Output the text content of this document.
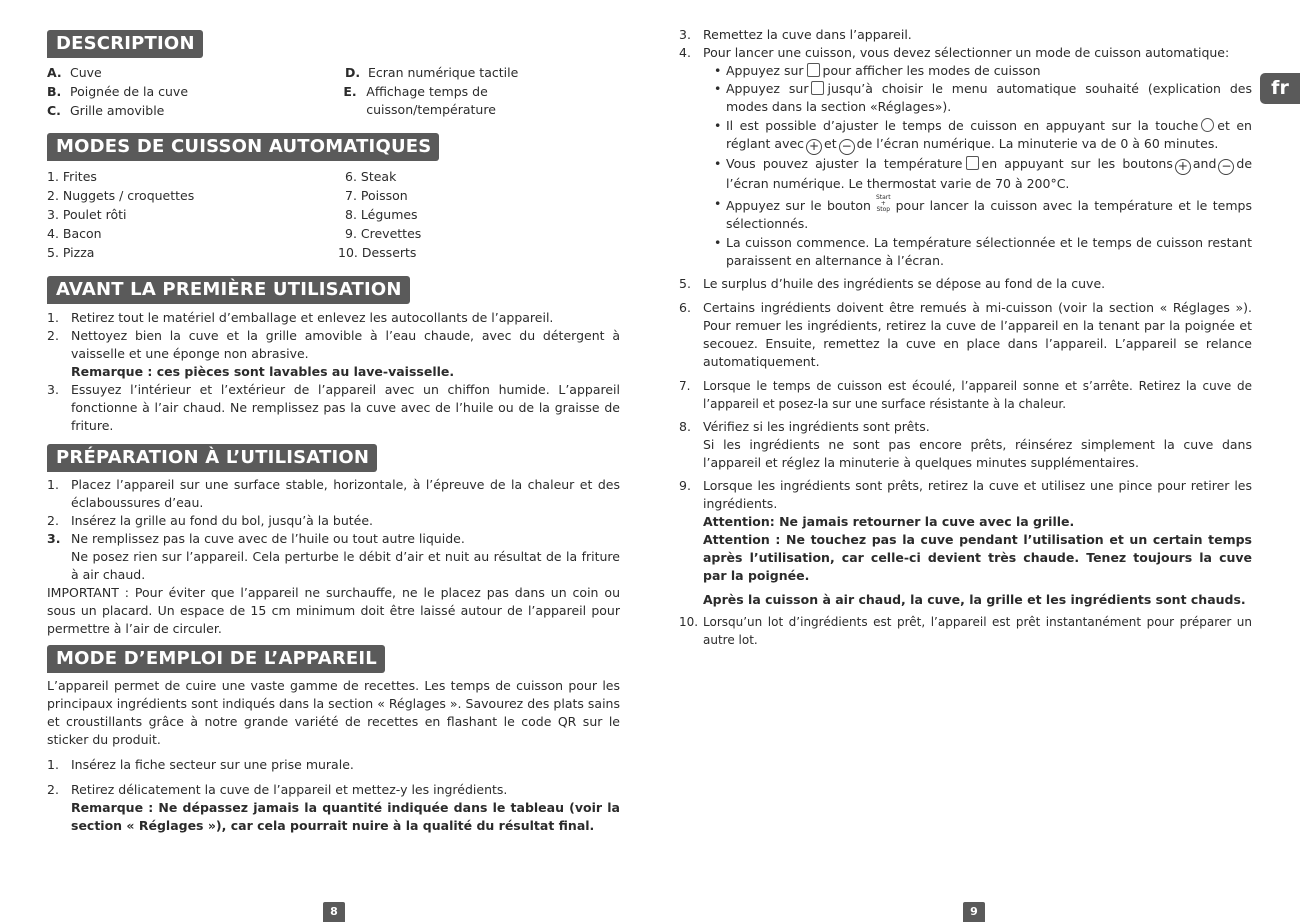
DESCRIPTION
A. Cuve	D. Ecran numérique tactile
B. Poignée de la cuve	E. Affichage temps de cuisson/température
C. Grille amovible
MODES DE CUISSON AUTOMATIQUES
1. Frites	6. Steak
2. Nuggets / croquettes	7. Poisson
3. Poulet rôti	8. Légumes
4. Bacon	9. Crevettes
5. Pizza	10. Desserts
AVANT LA PREMIÈRE UTILISATION
1. Retirez tout le matériel d’emballage et enlevez les autocollants de l’appareil.
2. Nettoyez bien la cuve et la grille amovible à l’eau chaude, avec du détergent à vaisselle et une éponge non abrasive.
Remarque : ces pièces sont lavables au lave-vaisselle.
3. Essuyez l’intérieur et l’extérieur de l’appareil avec un chiffon humide. L’appareil fonctionne à l’air chaud. Ne remplissez pas la cuve avec de l’huile ou de la graisse de friture.
PRÉPARATION À L’UTILISATION
1. Placez l’appareil sur une surface stable, horizontale, à l’épreuve de la chaleur et des éclaboussures d’eau.
2. Insérez la grille au fond du bol, jusqu’à la butée.
3. Ne remplissez pas la cuve avec de l’huile ou tout autre liquide.
Ne posez rien sur l’appareil. Cela perturbe le débit d’air et nuit au résultat de la friture à air chaud.

IMPORTANT : Pour éviter que l’appareil ne surchauffe, ne le placez pas dans un coin ou sous un placard. Un espace de 15 cm minimum doit être laissé autour de l’appareil pour permettre à l’air de circuler.

MODE D’EMPLOI DE L’APPAREIL

L’appareil permet de cuire une vaste gamme de recettes. Les temps de cuisson pour les principaux ingrédients sont indiqués dans la section « Réglages ». Savourez des plats sains et croustillants grâce à notre grande variété de recettes en flashant le code QR sur le sticker du produit.

1. Insérez la fiche secteur sur une prise murale.
2. Retirez délicatement la cuve de l’appareil et mettez-y les ingrédients.
Remarque : Ne dépassez jamais la quantité indiquée dans le tableau (voir la section « Réglages »), car cela pourrait nuire à la qualité du résultat final.
3. Remettez la cuve dans l’appareil.
4. Pour lancer une cuisson, vous devez sélectionner un mode de cuisson automatique:
• Appuyez sur pour afficher les modes de cuisson
• Appuyez sur jusqu’à choisir le menu automatique souhaité (explication des modes dans la section «Réglages»).
• Il est possible d’ajuster le temps de cuisson en appuyant sur la touche et en réglant avec + et − de l’écran numérique. La minuterie va de 0 à 60 minutes.
• Vous pouvez ajuster la température en appuyant sur les boutons + and − de l’écran numérique. Le thermostat varie de 70 à 200°C.
• Appuyez sur le boutonStart
+
Stop pour lancer la cuisson avec la température et le temps sélectionnés.
• La cuisson commence. La température sélectionnée et le temps de cuisson restant paraissent en alternance à l’écran.
5. Le surplus d’huile des ingrédients se dépose au fond de la cuve.
6. Certains ingrédients doivent être remués à mi-cuisson (voir la section « Réglages »). Pour remuer les ingrédients, retirez la cuve de l’appareil en la tenant par la poignée et secouez. Ensuite, remettez la cuve en place dans l’appareil. L’appareil se relance automatiquement.
7.	Lorsque le temps de cuisson est écoulé, l’appareil sonne et s’arrête. Retirez la cuve de l’appareil et posez-la sur une surface résistante à la chaleur.
8. Vérifiez si les ingrédients sont prêts.
Si les ingrédients ne sont pas encore prêts, réinsérez simplement la cuve dans l’appareil et réglez la minuterie à quelques minutes supplémentaires.
9. Lorsque les ingrédients sont prêts, retirez la cuve et utilisez une pince pour retirer les ingrédients.
Attention: Ne jamais retourner la cuve avec la grille.
Attention : Ne touchez pas la cuve pendant l’utilisation et un certain temps après l’utilisation, car celle-ci devient très chaude. Tenez toujours la cuve par la poignée.
Après la cuisson à air chaud, la cuve, la grille et les ingrédients sont chauds.
10. Lorsqu’un lot d’ingrédients est prêt, l’appareil est prêt instantanément pour préparer un autre lot.
fr
8	9
